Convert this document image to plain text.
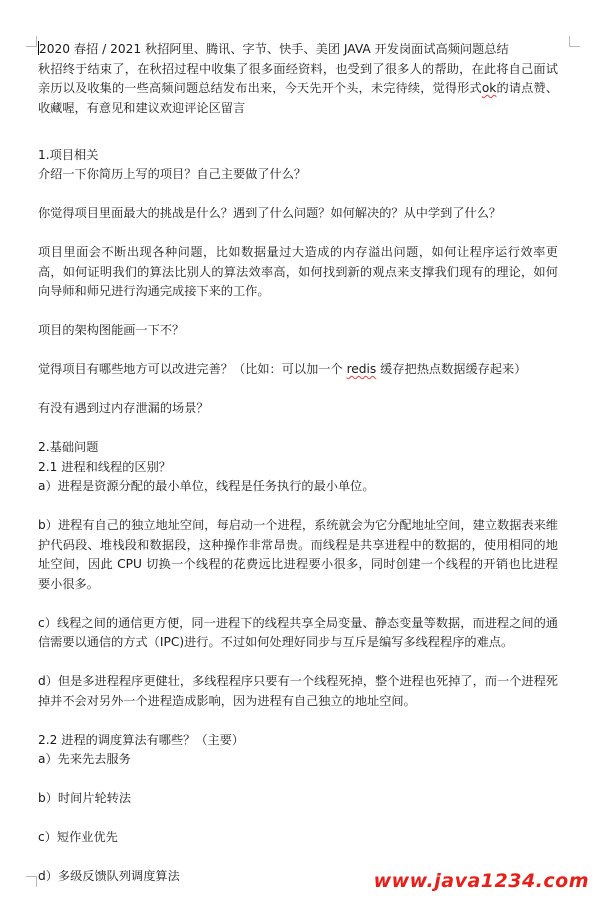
2020 春招 / 2021 秋招阿里、腾讯、字节、快手、美团 JAVA 开发岗面试高频问题总结

秋招终于结束了，在秋招过程中收集了很多面经资料，也受到了很多人的帮助，在此将自己面试亲历以及收集的一些高频问题总结发布出来，今天先开个头，未完待续，觉得形式ok的请点赞、收藏喔，有意见和建议欢迎评论区留言

1.项目相关

介绍一下你简历上写的项目？自己主要做了什么？

你觉得项目里面最大的挑战是什么？遇到了什么问题？如何解决的？从中学到了什么？

项目里面会不断出现各种问题，比如数据量过大造成的内存溢出问题，如何让程序运行效率更高，如何证明我们的算法比别人的算法效率高，如何找到新的观点来支撑我们现有的理论，如何向导师和师兄进行沟通完成接下来的工作。

项目的架构图能画一下不？

觉得项目有哪些地方可以改进完善？（比如：可以加一个 redis 缓存把热点数据缓存起来）

有没有遇到过内存泄漏的场景？

2.基础问题

2.1 进程和线程的区别？

a）进程是资源分配的最小单位，线程是任务执行的最小单位。

b）进程有自己的独立地址空间，每启动一个进程，系统就会为它分配地址空间，建立数据表来维护代码段、堆栈段和数据段，这种操作非常昂贵。而线程是共享进程中的数据的，使用相同的地址空间，因此 CPU 切换一个线程的花费远比进程要小很多，同时创建一个线程的开销也比进程要小很多。

c）线程之间的通信更方便，同一进程下的线程共享全局变量、静态变量等数据，而进程之间的通信需要以通信的方式（IPC)进行。不过如何处理好同步与互斥是编写多线程程序的难点。

d）但是多进程程序更健壮，多线程程序只要有一个线程死掉，整个进程也死掉了，而一个进程死掉并不会对另外一个进程造成影响，因为进程有自己独立的地址空间。

2.2 进程的调度算法有哪些？（主要）

a）先来先去服务

b）时间片轮转法

c）短作业优先

d）多级反馈队列调度算法	www.java1234.com
